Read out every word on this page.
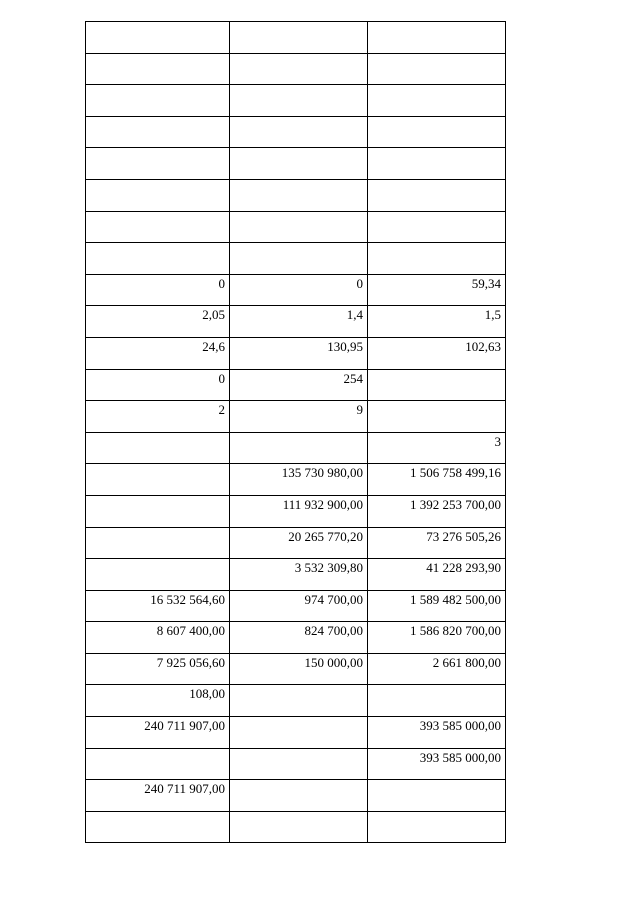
0	0	59,34
2,05	1,4	1,5
24,6	130,95	102,63
0	254	
2	9	
		3
	135 730 980,00	1 506 758 499,16
	111 932 900,00	1 392 253 700,00
	20 265 770,20	73 276 505,26
	3 532 309,80	41 228 293,90
16 532 564,60	974 700,00	1 589 482 500,00
8 607 400,00	824 700,00	1 586 820 700,00
7 925 056,60	150 000,00	2 661 800,00
108,00		
240 711 907,00		393 585 000,00
		393 585 000,00
240 711 907,00		
